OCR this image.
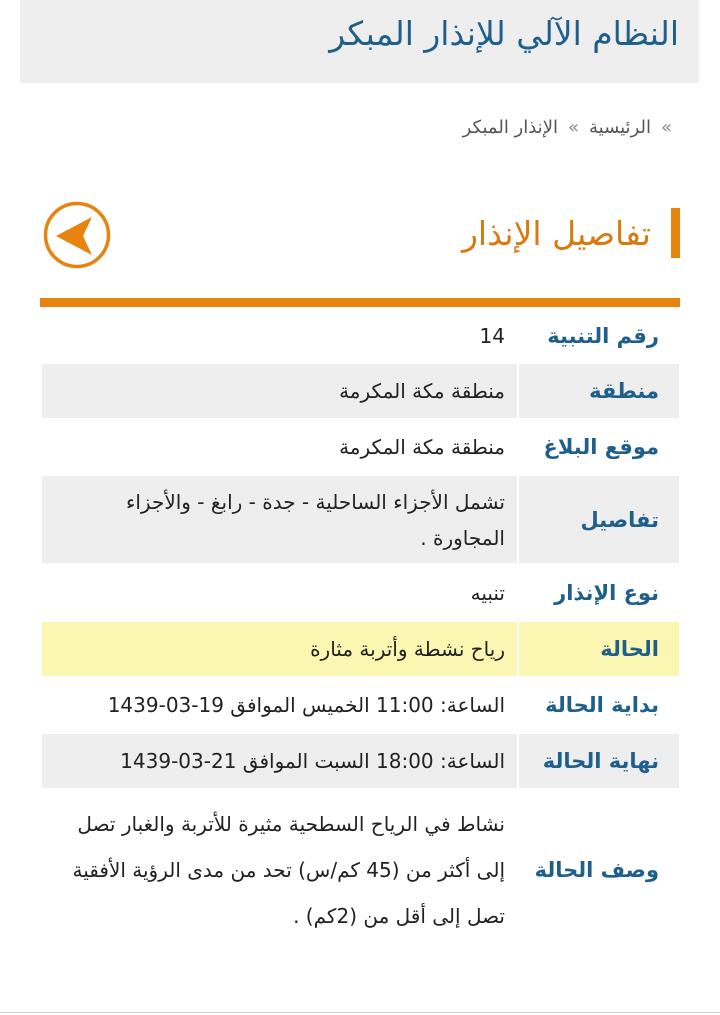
النظام الآلي للإنذار المبكر
»
الرئيسية
»
الإنذار المبكر
تفاصيل الإنذار
رقم التنبية
14
منطقة
منطقة مكة المكرمة
موقع البلاغ
منطقة مكة المكرمة
تفاصيل
تشمل الأجزاء الساحلية - جدة - رابغ - والأجزاء المجاورة .
نوع الإنذار
تنبيه
الحالة
رياح نشطة وأتربة مثارة
بداية الحالة
الساعة: 11:00 الخميس الموافق 19-03-1439
نهاية الحالة
الساعة: 18:00 السبت الموافق 21-03-1439
وصف الحالة
نشاط في الرياح السطحية مثيرة للأتربة والغبار تصل إلى أكثر من (45 كم/س) تحد من مدى الرؤية الأفقية تصل إلى أقل من (2كم) .
